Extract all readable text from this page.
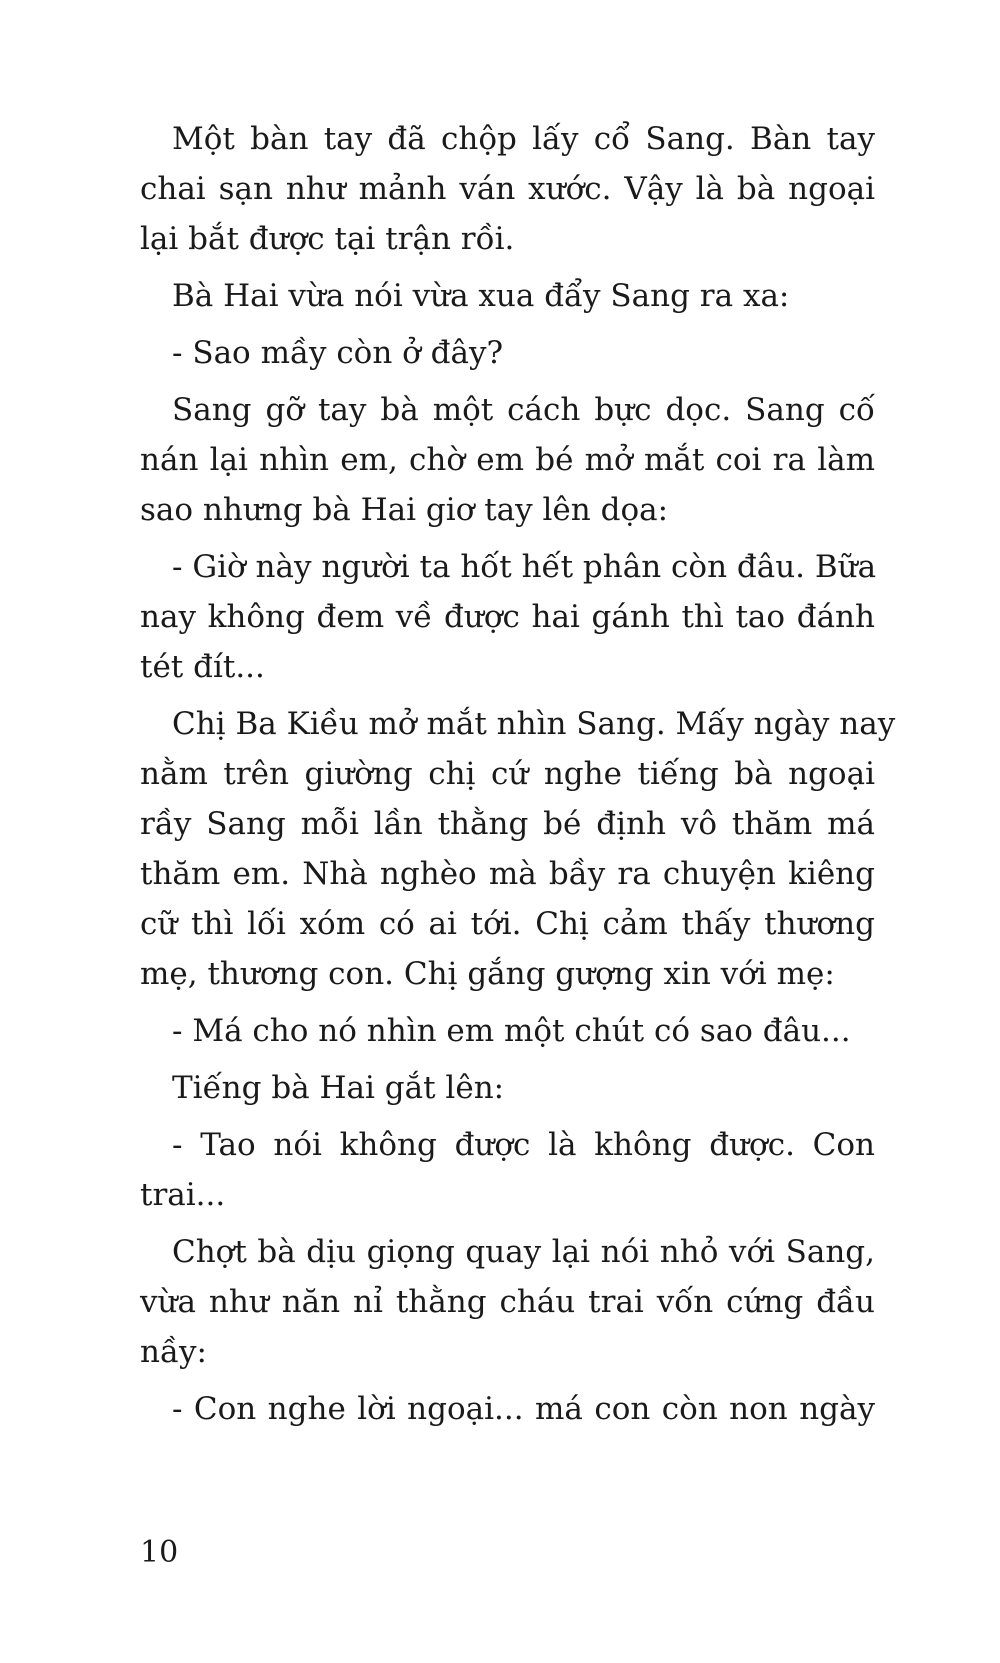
Một bàn tay đã chộp lấy cổ Sang. Bàn tay
chai sạn như mảnh ván xước. Vậy là bà ngoại
lại bắt được tại trận rồi.
Bà Hai vừa nói vừa xua đẩy Sang ra xa:
- Sao mầy còn ở đây?
Sang gỡ tay bà một cách bực dọc. Sang cố
nán lại nhìn em, chờ em bé mở mắt coi ra làm
sao nhưng bà Hai giơ tay lên dọa:
- Giờ này người ta hốt hết phân còn đâu. Bữa
nay không đem về được hai gánh thì tao đánh
tét đít...
Chị Ba Kiều mở mắt nhìn Sang. Mấy ngày nay
nằm trên giường chị cứ nghe tiếng bà ngoại
rầy Sang mỗi lần thằng bé định vô thăm má
thăm em. Nhà nghèo mà bầy ra chuyện kiêng
cữ thì lối xóm có ai tới. Chị cảm thấy thương
mẹ, thương con. Chị gắng gượng xin với mẹ:
- Má cho nó nhìn em một chút có sao đâu...
Tiếng bà Hai gắt lên:
- Tao nói không được là không được. Con
trai...
Chợt bà dịu giọng quay lại nói nhỏ với Sang,
vừa như năn nỉ thằng cháu trai vốn cứng đầu
nầy:
- Con nghe lời ngoại... má con còn non ngày
10
